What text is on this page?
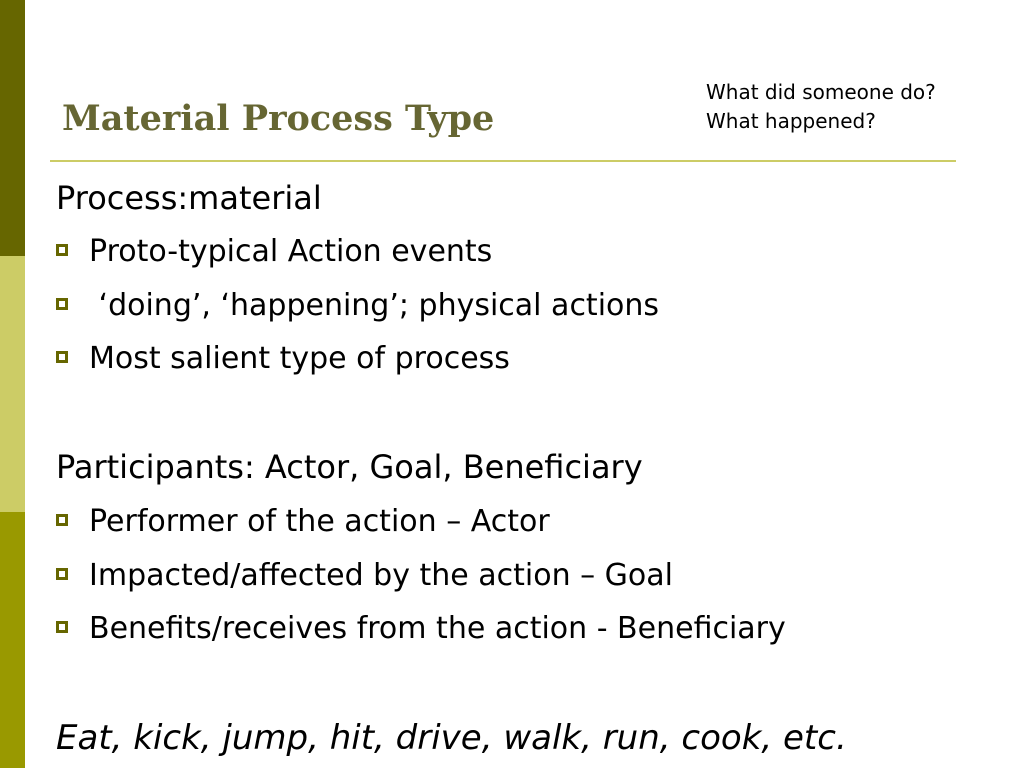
Material Process Type
What did someone do?
What happened?
Process:material
Proto-typical Action events
‘doing’, ‘happening’; physical actions
Most salient type of process
Participants: Actor, Goal, Beneficiary
Performer of the action – Actor
Impacted/affected by the action – Goal
Benefits/receives from the action - Beneficiary
Eat, kick, jump, hit, drive, walk, run, cook, etc.
